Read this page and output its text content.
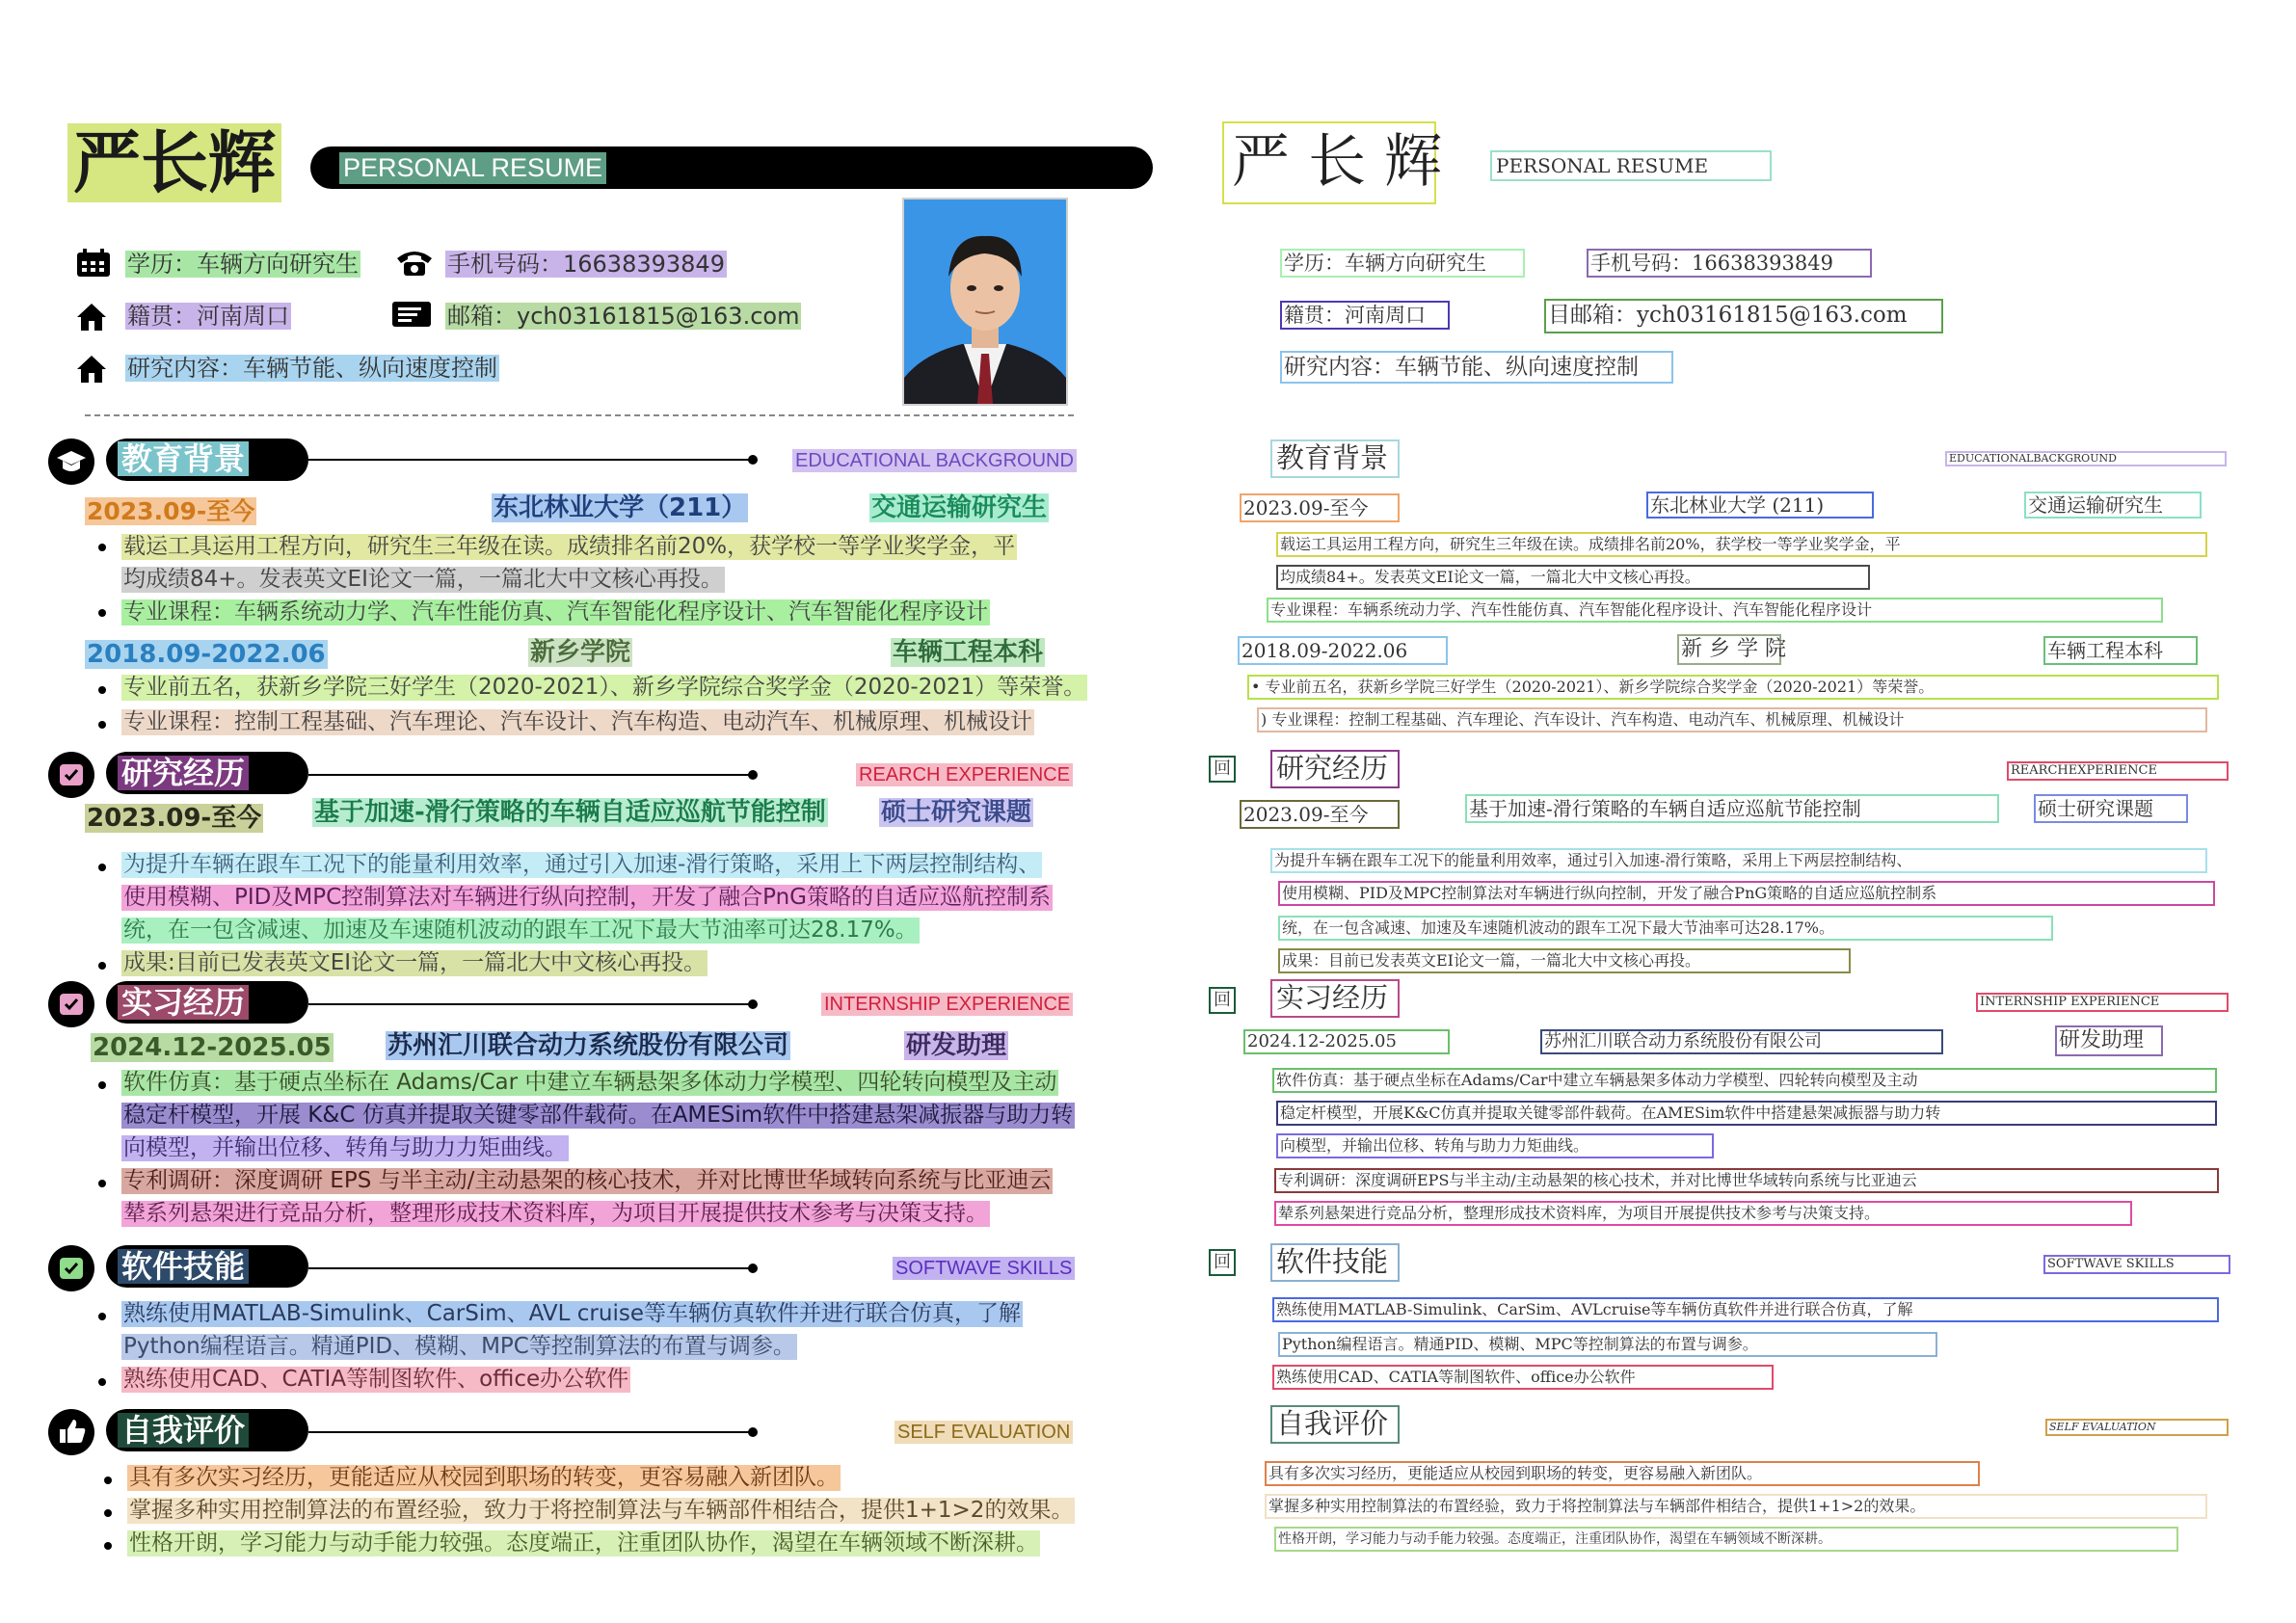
严长辉	PERSONAL RESUME
学历：车辆方向研究生	手机号码：16638393849
籍贯：河南周口	邮箱：ych03161815@163.com
研究内容：车辆节能、纵向速度控制
教育背景	EDUCATIONAL BACKGROUND
2023.09-至今	东北林业大学（211）	交通运输研究生
载运工具运用工程方向，研究生三年级在读。成绩排名前20%，获学校一等学业奖学金，平
均成绩84+。发表英文EI论文一篇，一篇北大中文核心再投。
专业课程：车辆系统动力学、汽车性能仿真、汽车智能化程序设计、汽车智能化程序设计
2018.09-2022.06	新乡学院	车辆工程本科
专业前五名，获新乡学院三好学生（2020-2021）、新乡学院综合奖学金（2020-2021）等荣誉。
专业课程：控制工程基础、汽车理论、汽车设计、汽车构造、电动汽车、机械原理、机械设计
研究经历	REARCH EXPERIENCE
2023.09-至今 基于加速-滑行策略的车辆自适应巡航节能控制 硕士研究课题
为提升车辆在跟车工况下的能量利用效率，通过引入加速-滑行策略，采用上下两层控制结构、
使用模糊、PID及MPC控制算法对车辆进行纵向控制，开发了融合PnG策略的自适应巡航控制系
统，在一包含减速、加速及车速随机波动的跟车工况下最大节油率可达28.17%。
成果:目前已发表英文EI论文一篇，一篇北大中文核心再投。
实习经历	INTERNSHIP EXPERIENCE
2024.12-2025.05 苏州汇川联合动力系统股份有限公司	研发助理
软件仿真：基于硬点坐标在 Adams/Car 中建立车辆悬架多体动力学模型、四轮转向模型及主动
稳定杆模型，开展 K&C 仿真并提取关键零部件载荷。在AMESim软件中搭建悬架减振器与助力转
向模型，并输出位移、转角与助力力矩曲线。
专利调研：深度调研 EPS 与半主动/主动悬架的核心技术，并对比博世华域转向系统与比亚迪云
辇系列悬架进行竞品分析，整理形成技术资料库，为项目开展提供技术参考与决策支持。
软件技能	SOFTWAVE SKILLS
熟练使用MATLAB-Simulink、CarSim、AVL cruise等车辆仿真软件并进行联合仿真，了解
Python编程语言。精通PID、模糊、MPC等控制算法的布置与调参。
熟练使用CAD、CATIA等制图软件、office办公软件
自我评价	SELF EVALUATION
具有多次实习经历，更能适应从校园到职场的转变，更容易融入新团队。
掌握多种实用控制算法的布置经验，致力于将控制算法与车辆部件相结合，提供1+1>2的效果。
性格开朗，学习能力与动手能力较强。态度端正，注重团队协作，渴望在车辆领域不断深耕。
严 长 辉	PERSONAL RESUME
学历：车辆方向研究生	手机号码：16638393849
籍贯：河南周口	目邮箱：ych03161815@163.com
研究内容：车辆节能、纵向速度控制
教育背景	EDUCATIONALBACKGROUND
2023.09-至今	东北林业大学 (211)	交通运输研究生
载运工具运用工程方向，研究生三年级在读。成绩排名前20%，获学校一等学业奖学金，平
均成绩84+。发表英文EI论文一篇，一篇北大中文核心再投。
专业课程：车辆系统动力学、汽车性能仿真、汽车智能化程序设计、汽车智能化程序设计
2018.09-2022.06	新 乡 学 院	车辆工程本科
• 专业前五名，获新乡学院三好学生（2020-2021）、新乡学院综合奖学金（2020-2021）等荣誉。
) 专业课程：控制工程基础、汽车理论、汽车设计、汽车构造、电动汽车、机械原理、机械设计
回 研究经历	REARCHEXPERIENCE
2023.09-至今	基于加速-滑行策略的车辆自适应巡航节能控制	硕士研究课题
为提升车辆在跟车工况下的能量利用效率，通过引入加速-滑行策略，采用上下两层控制结构、
使用模糊、PID及MPC控制算法对车辆进行纵向控制，开发了融合PnG策略的自适应巡航控制系
统，在一包含减速、加速及车速随机波动的跟车工况下最大节油率可达28.17%。
成果：目前已发表英文EI论文一篇，一篇北大中文核心再投。
回 实习经历	INTERNSHIP EXPERIENCE
2024.12-2025.05	苏州汇川联合动力系统股份有限公司	研发助理
软件仿真：基于硬点坐标在Adams/Car中建立车辆悬架多体动力学模型、四轮转向模型及主动
稳定杆模型，开展K&C仿真并提取关键零部件载荷。在AMESim软件中搭建悬架减振器与助力转
向模型，并输出位移、转角与助力力矩曲线。
专利调研：深度调研EPS与半主动/主动悬架的核心技术，并对比博世华域转向系统与比亚迪云
辇系列悬架进行竞品分析，整理形成技术资料库，为项目开展提供技术参考与决策支持。
回 软件技能	SOFTWAVE SKILLS
熟练使用MATLAB-Simulink、CarSim、AVLcruise等车辆仿真软件并进行联合仿真，了解
Python编程语言。精通PID、模糊、MPC等控制算法的布置与调参。
熟练使用CAD、CATIA等制图软件、office办公软件
自我评价	SELF EVALUATION
具有多次实习经历，更能适应从校园到职场的转变，更容易融入新团队。
掌握多种实用控制算法的布置经验，致力于将控制算法与车辆部件相结合，提供1+1>2的效果。
性格开朗，学习能力与动手能力较强。态度端正，注重团队协作，渴望在车辆领域不断深耕。
